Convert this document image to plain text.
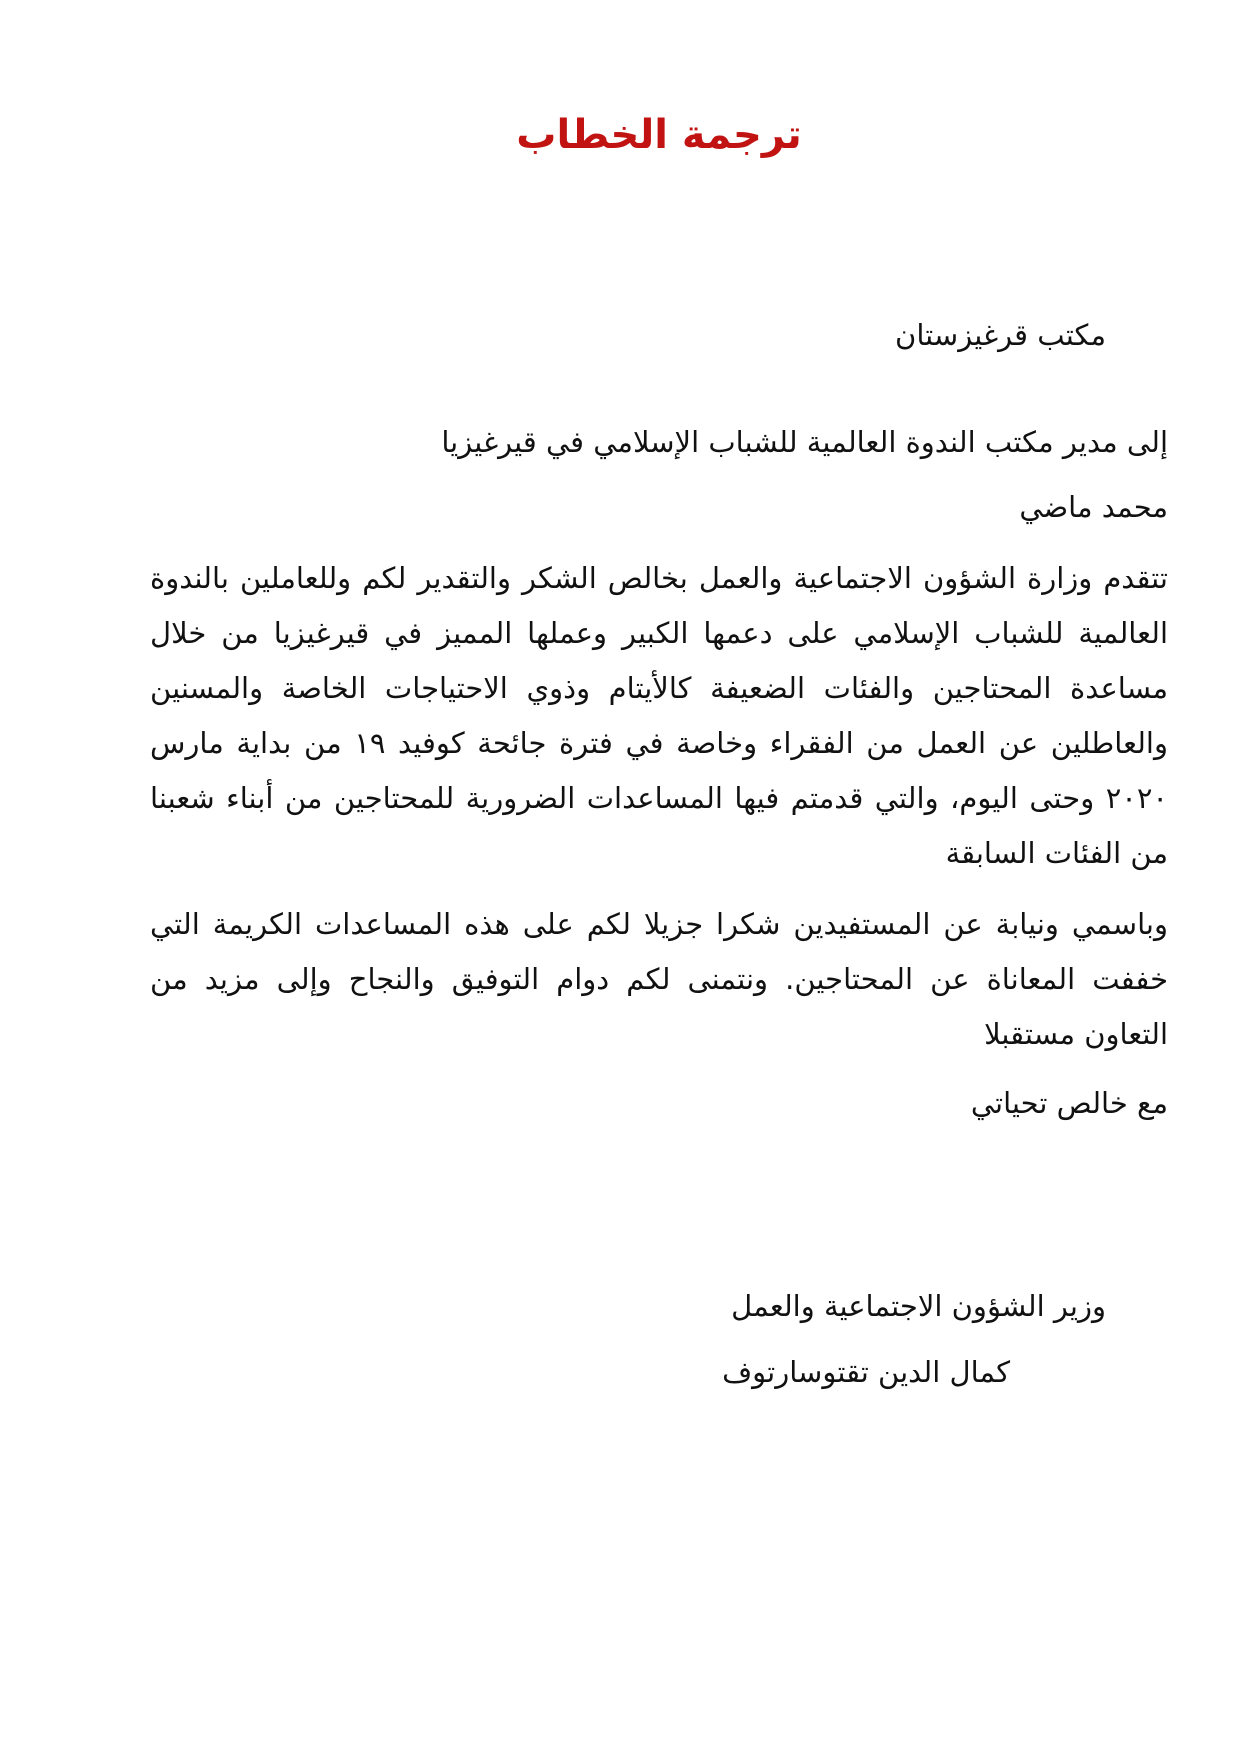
ترجمة الخطاب

مكتب قرغيزستان

إلى مدير مكتب الندوة العالمية للشباب الإسلامي في قيرغيزيا

محمد ماضي

تتقدم وزارة الشؤون الاجتماعية والعمل بخالص الشكر والتقدير لكم وللعاملين بالندوة العالمية للشباب الإسلامي على دعمها الكبير وعملها المميز في قيرغيزيا من خلال مساعدة المحتاجين والفئات الضعيفة كالأيتام وذوي الاحتياجات الخاصة والمسنين والعاطلين عن العمل من الفقراء وخاصة في فترة جائحة كوفيد ١٩ من بداية مارس ٢٠٢٠ وحتى اليوم، والتي قدمتم فيها المساعدات الضرورية للمحتاجين من أبناء شعبنا من الفئات السابقة

وباسمي ونيابة عن المستفيدين شكرا جزيلا لكم على هذه المساعدات الكريمة التي خففت المعاناة عن المحتاجين. ونتمنى لكم دوام التوفيق والنجاح وإلى مزيد من التعاون مستقبلا

مع خالص تحياتي

وزير الشؤون الاجتماعية والعمل

كمال الدين تقتوسارتوف
